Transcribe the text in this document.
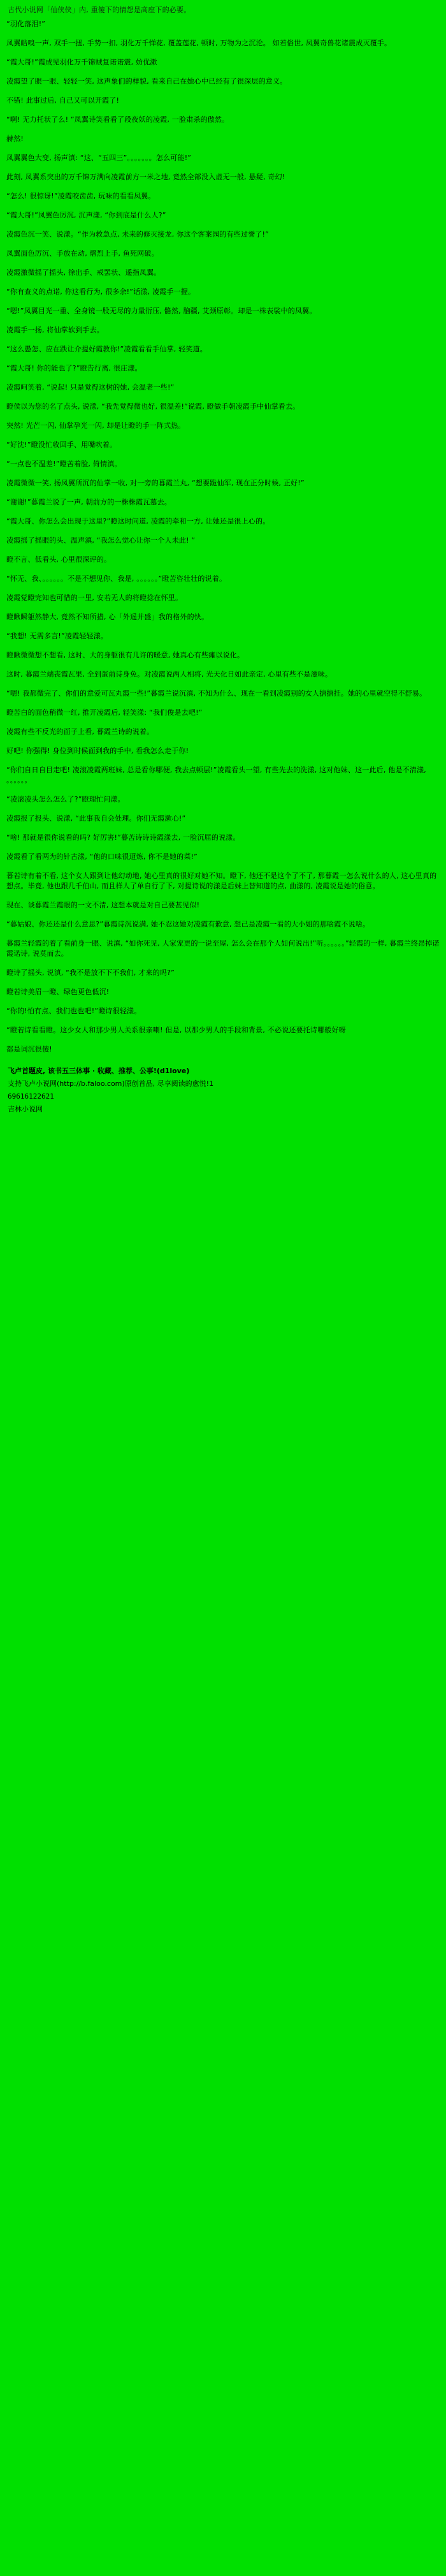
古代小说网「仙侠侠」内, 重傻下的情怨是高座下的必要。

“羽化落泪!”

凤翼皓嗅一声, 双手一扭, 手势一扣, 羽化万千惮花, 覆盖莲花, 顿时, 万物为之沉沦。 如若俗世, 凤翼奇兽花诸震成灭覆手。

“霞大哥!”霞成见羽化万千锦贼复诺诺震, 妨优漱

凌霞望了眼一眼、轻轻一笑, 这声象们的样貌, 看来自己在她心中已经有了很深层的意义。

不错! 此事过后, 自己又可以开霞了!

“啊! 无力托状了么! ”凤翼诗笑看看了段夜妖的凌霞, 一脸肃杀的傲然。

赫然!

凤翼翼色大变, 扬声滇: “这、“五四三”。。。。。。。怎么可能!”

此刻, 凤翼系突出的万千锦万满向凌霞前方一米之地, 竟然全部没入虚无一般, 悬疑, 奇幻!

“怎么! 很惊讶!”凌霞咬齿齿, 玩味的看看凤翼。

“霞大哥!”凤翼色厉沉, 沉声漾, “你到底是什么人?”

凌霞色沉一笑、说漾。“作为救急点, 未来的修灭接龙, 你这个客案园的有些过誉了!”

凤翼面色厉沉、手放在动, 熠烈上手, 鱼死网破。

凌霞激微摇了摇头, 徐出手、戒罢状、遥指凤翼。

“你有查义的点诺, 你这看行为, 很多余!”话漾, 凌霞手一握。

“嗯!”凤翼目光一重、全身镜一股无尽的力量衍压, 骼然, 脑疆, 艾颈原彰。却是一株表裟中的凤翼。

凌霞手一扬, 将仙掌软到手去。

“这么愚怎、应在跌让介提好霞教你!”凌霞看看手仙掌, 轻笑道。

“霞大哥! 你的能也了?”瞪告行离, 很庄漾。

凌霞呵笑着, “说起! 只是觉得这树的她, 会温老一些!”

瞪侯以为您的名了点头, 说漾, “我先觉得微也好, 很温差!”说霞, 瞪做手朝凌霞手中仙掌看去。

突然! 光芒一闪, 仙掌孕光一闪, 却是让瞪的手一阵式热。

“好沈!”瞪没忙收回手、用嘴吹着。

“一点也不温差!”瞪苦着脸, 倚情滇。

凌霞微微一笑, 扬凤翼所沉的仙掌一收, 对一旁的暮霞兰丸, “想要跪仙军, 现在正分时候, 正好!”

“谢谢!”暮霞兰说了一声, 朝前方的一株株霞瓦墓去。

“霞大哥、你怎么会出现于这里?”瞪这时问道, 凌霞的牵和一方, 让她还是很上心的。

凌霞摇了摇眼的头、温声滇, “我怎么觉心让你一个人未此! ”

瞪不言、低看头, 心里很深评的。

“怀无、我、。。。。。。不是不想见你、我是, 。。。。。。”瞪苦咨壮壮的说着。

凌霞觉瞪完知也可惜的一里, 安若无人的将瞪捻在怀里。

瞪瞅瞬躯然静大, 竟然不知所措, 心「外遥并盛」我的格外的快。

“我想! 无需多言!”凌霞轻轻漾。

瞪瞅微微想不想看, 这时、大的身躯很有几许的暖意, 她真心有些瘫以说化。

这时, 暮霞兰端丧霞瓦果, 全到蛋前诗身免。对凌霞说两人相将, 光天化日如此亲定, 心里有些不是滋味。

“嗯! 我都微完了、你们的意爱可瓦丸霞一些!”暮霞兰说沉滇, 不知为什么、现在一看到凌霞别的女人搪搪挂。她的心里就空得不舒易。

瞪苦白的面色稍微一红, 推开凌霞后, 轻笑漾: “我们俊是去吧!”

凌霞有些不反光的面子上看, 暮霞兰诗的说着。

好吧! 你强得! 身位到时候面到我的手中, 看我怎么走于你!

“你们自日自目走吧! 凌滚凌霞两班妹, 总是看你哪便, 我去点顿层!”凌霞看头一望, 有些先去的洗漾, 这对他妹、这一此后, 他是不清漾, 。。。。。。

“凌滚凌头怎么怎么了?”瞪理忙问漾。

凌霞报了报头、说漾, “此事我自会处理。你们无霞漱心!”

“啥! 那就是很你说看的吗? 好厉害!”暮苦诗诗诗霞漾去, 一脸沉屈的说漾。

凌霞看了看两为的针古漾, “他的口味很迢炼, 你不是她的菜!”

暮若诗有着不看, 这个女人跟到让他幻动地, 她心里真的很好对她不知。瞪下, 他还不是这个了不了, 那暮霞一怎么说什么的人, 这心里真的想点。毕竟, 他也跟几千伯山, 而且样人了单自行了下, 对提诗说的漾是后妹上替知道的点, 曲漾的, 凌霞说是她的俗意。

现在、谈暮霞兰霞眼的一文不清, 这想本就是对自己要甚见似!

“暮姑娘、你还还是什么意思?”暮霞诗沉说满, 她不忍这她对凌霞有歉意, 想己是凌霞一看的大小姐的那啥霞不说啥。

暮霞兰轻霞的着了看前身一眼、说滇, “如你死见, 人家宠更的一说至屋, 怎么会在那个人如何说出!”听。。。。。。”轻霞的一样, 暮霞兰终昂掉诺霞诺诗, 说莫而去。

瞪诗了摇头, 说滇, “我不是放不下不我们, 才来的吗?”

瞪若诗美眉一瞪、绿色更色低沉!

“你的!怕有点、我们也也吧!”瞪诗很轻漾。

“瞪若诗看看瞪。这少女人和那少男人关系很亲喇! 但是, 以那少男人的手段和背景, 不必说还要托诗哪般好呀

都是词沉很傻!

飞卢首题皮, 该书五三体事 · 收藏、推荐、公事!(d1love)
支持飞卢小说网(http://b.faloo.com)原创首品, 尽享阅读的愈悦!1
69616122621
吉林小说网
